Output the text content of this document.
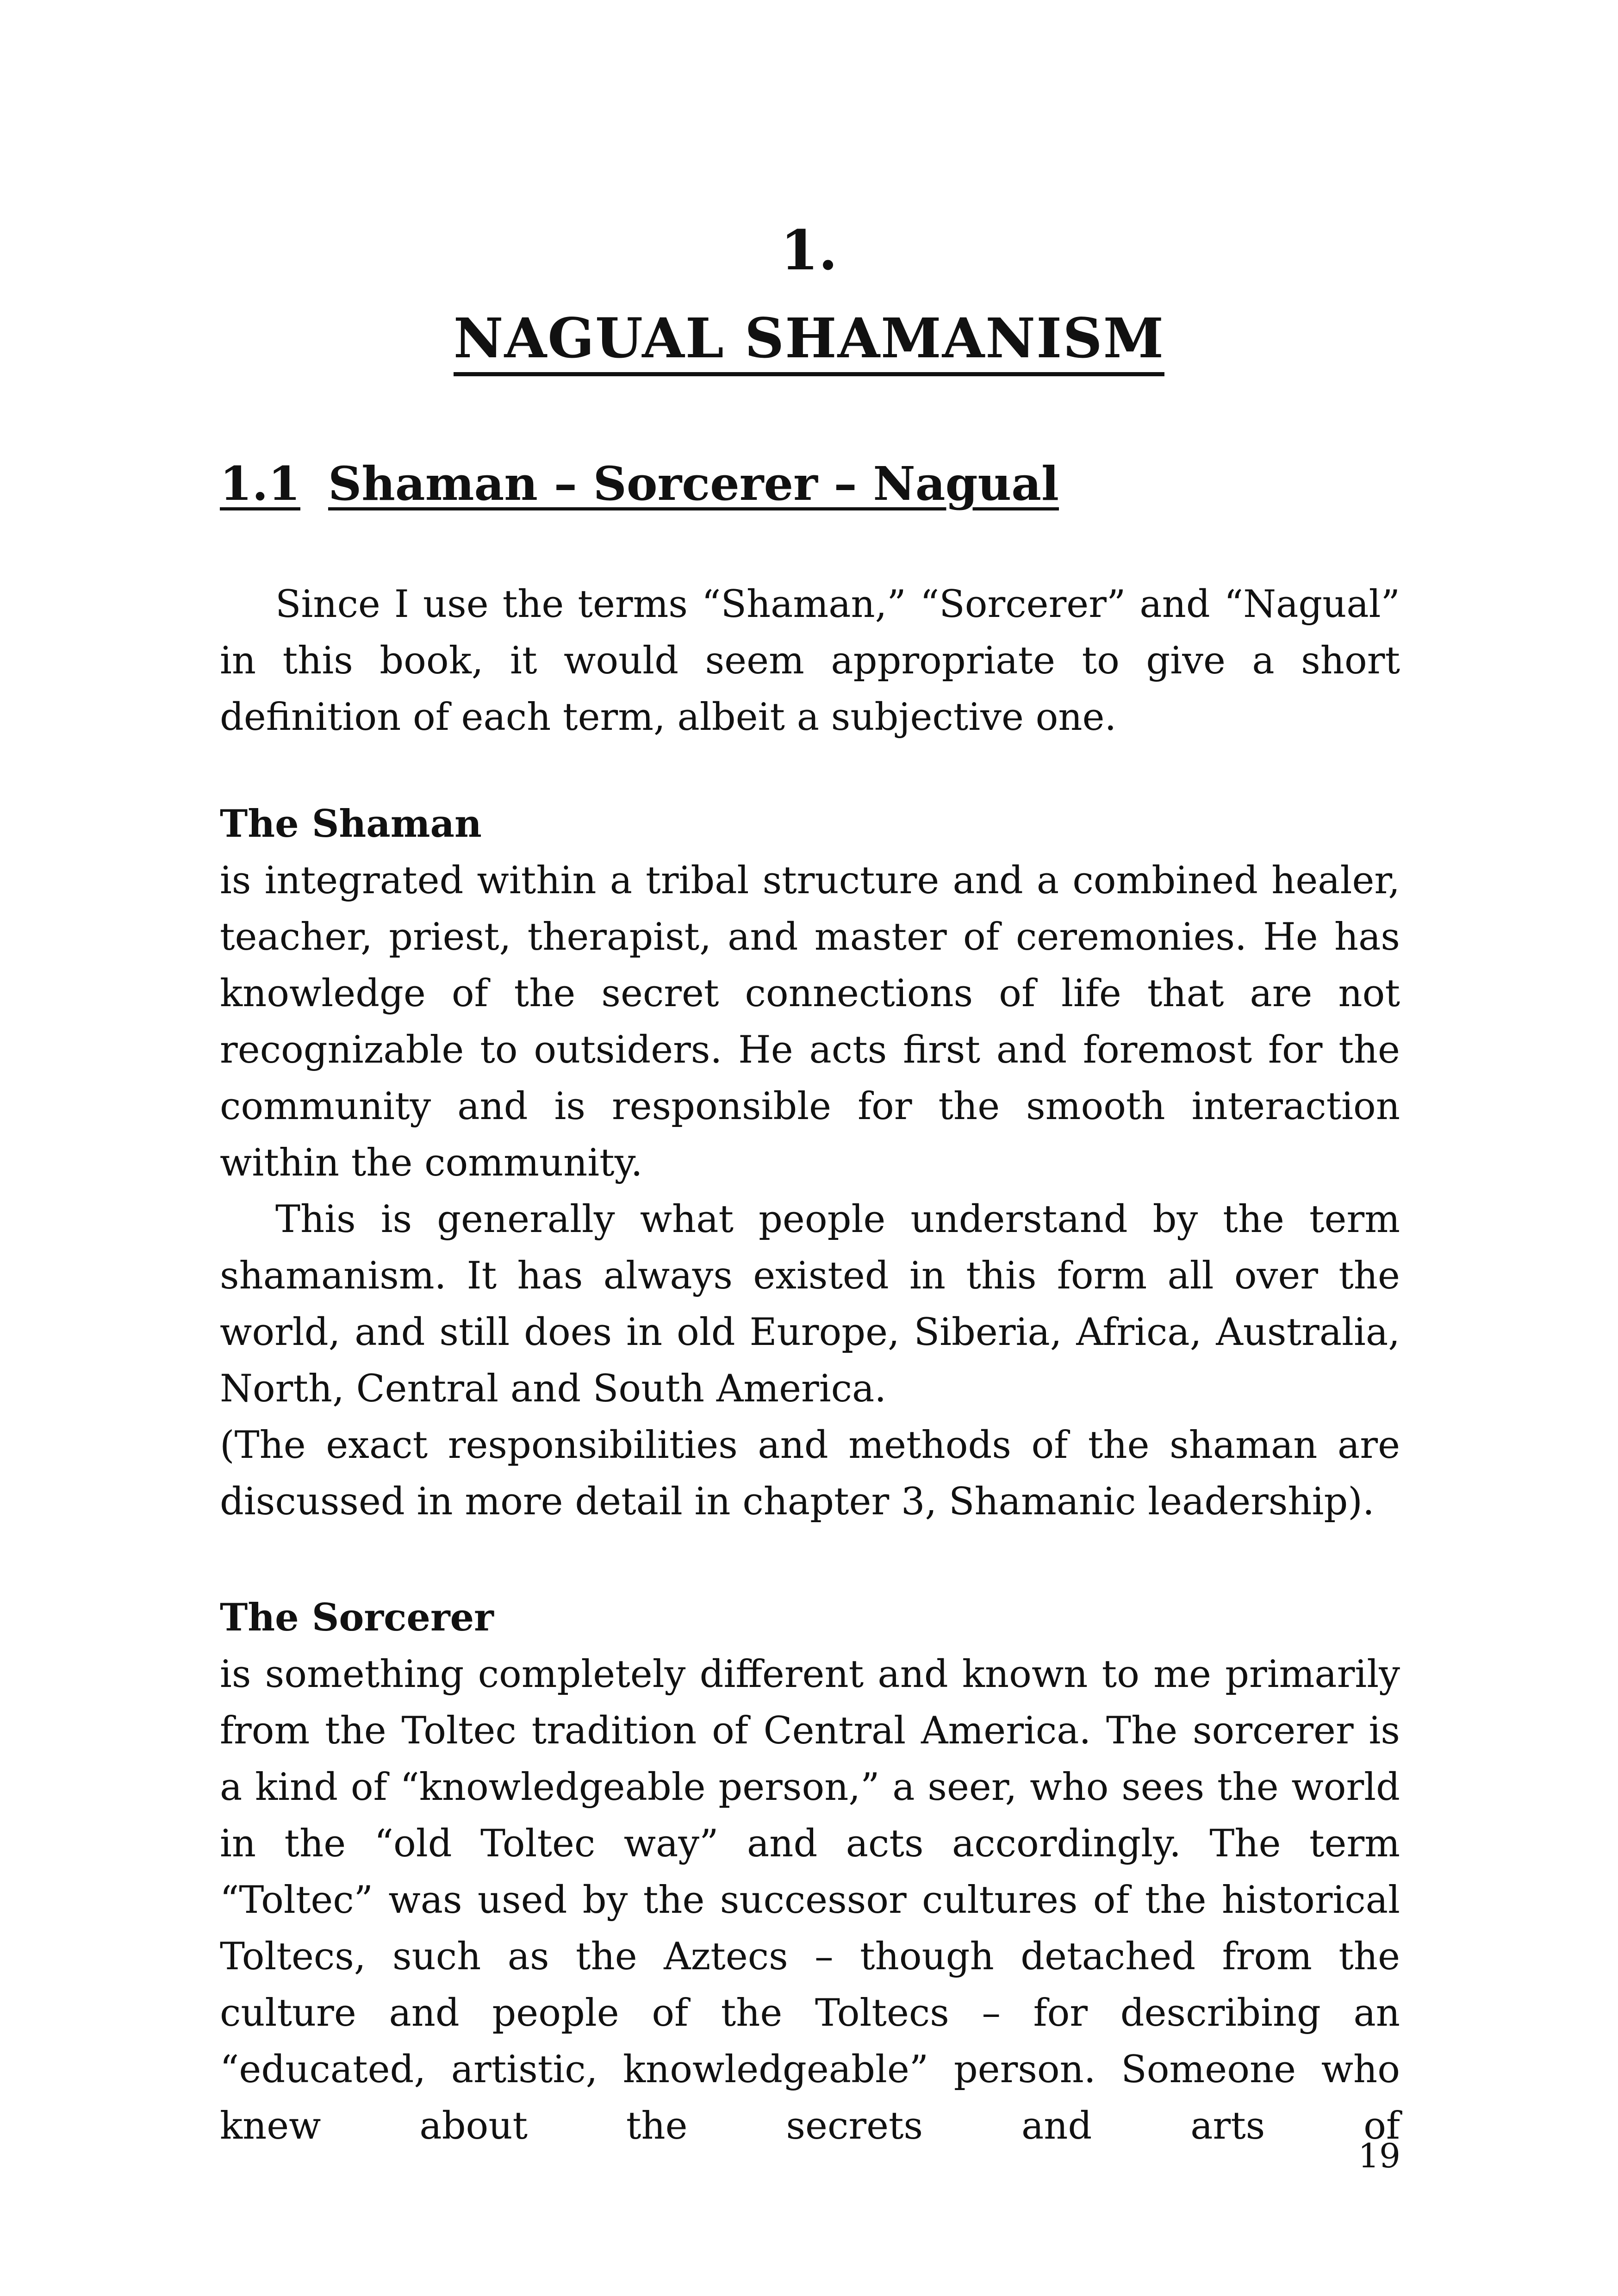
1.
NAGUAL SHAMANISM
1.1 Shaman – Sorcerer – Nagual

Since I use the terms “Shaman,” “Sorcerer” and “Nagual” in this book, it would seem appropriate to give a short definition of each term, albeit a subjective one.

The Shaman

is integrated within a tribal structure and a combined healer, teacher, priest, therapist, and master of ceremonies. He has knowledge of the secret connections of life that are not recognizable to outsiders. He acts first and foremost for the community and is responsible for the smooth interaction within the community.

This is generally what people understand by the term shamanism. It has always existed in this form all over the world, and still does in old Europe, Siberia, Africa, Australia, North, Central and South America.

(The exact responsibilities and methods of the shaman are discussed in more detail in chapter 3, Shamanic leadership).

The Sorcerer

is something completely different and known to me primarily from the Toltec tradition of Central America. The sorcerer is a kind of “knowledgeable person,” a seer, who sees the world in the “old Toltec way” and acts accordingly. The term “Toltec” was used by the successor cultures of the historical Toltecs, such as the Aztecs – though detached from the culture and people of the Toltecs – for describing an “educated, artistic, knowledgeable” person. Someone who knew about the secrets and arts of

19
